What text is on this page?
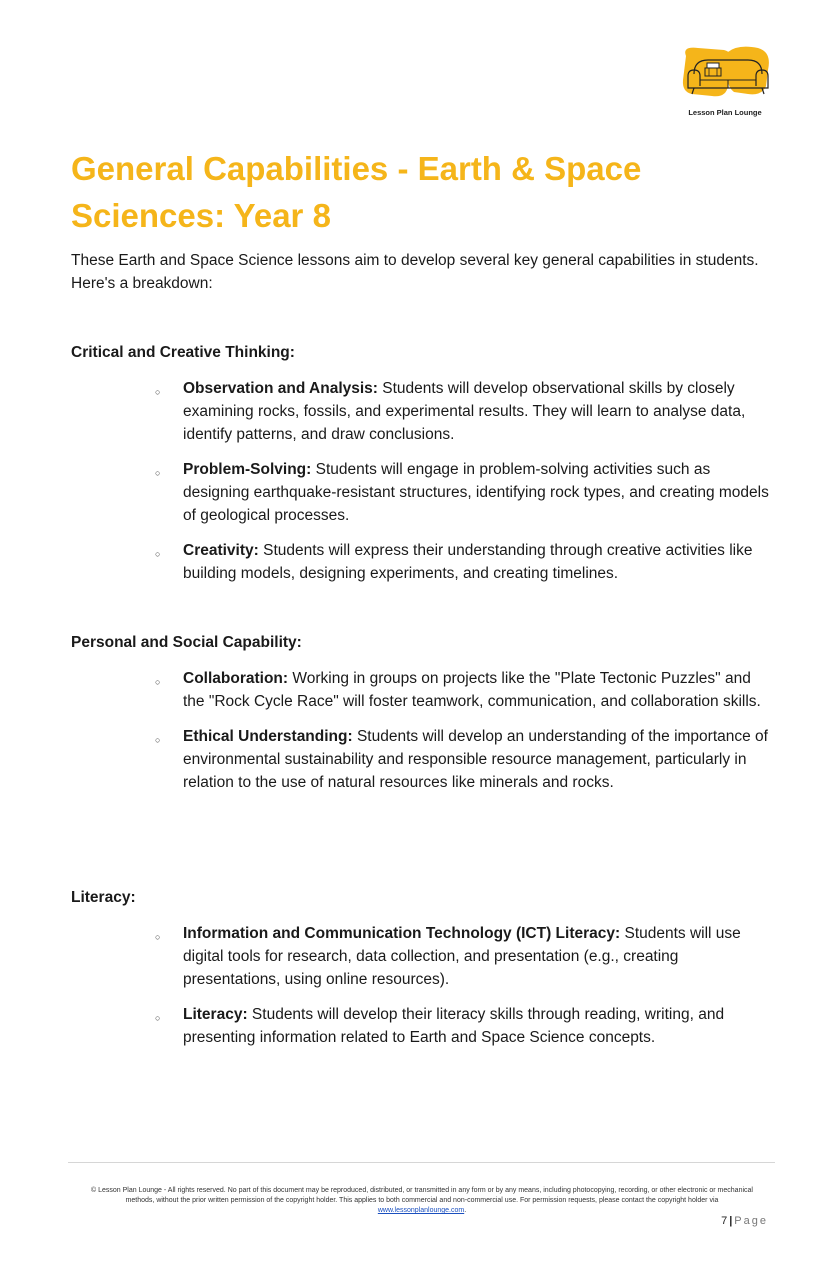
Lesson Plan Lounge
General Capabilities - Earth & Space Sciences: Year 8

These Earth and Space Science lessons aim to develop several key general capabilities in students. Here's a breakdown:

Critical and Creative Thinking:
○ Observation and Analysis: Students will develop observational skills by closely examining rocks, fossils, and experimental results. They will learn to analyse data, identify patterns, and draw conclusions.
○ Problem-Solving: Students will engage in problem-solving activities such as designing earthquake-resistant structures, identifying rock types, and creating models of geological processes.
○ Creativity: Students will express their understanding through creative activities like building models, designing experiments, and creating timelines.
Personal and Social Capability:
○ Collaboration: Working in groups on projects like the "Plate Tectonic Puzzles" and the "Rock Cycle Race" will foster teamwork, communication, and collaboration skills.
○ Ethical Understanding: Students will develop an understanding of the importance of environmental sustainability and responsible resource management, particularly in relation to the use of natural resources like minerals and rocks.
Literacy:
○ Information and Communication Technology (ICT) Literacy: Students will use digital tools for research, data collection, and presentation (e.g., creating presentations, using online resources).
○ Literacy: Students will develop their literacy skills through reading, writing, and presenting information related to Earth and Space Science concepts.

© Lesson Plan Lounge - All rights reserved. No part of this document may be reproduced, distributed, or transmitted in any form or by any means, including photocopying, recording, or other electronic or mechanical methods, without the prior written permission of the copyright holder. This applies to both commercial and non-commercial use. For permission requests, please contact the copyright holder via
www.lessonplanlounge.com.

7 | Page
